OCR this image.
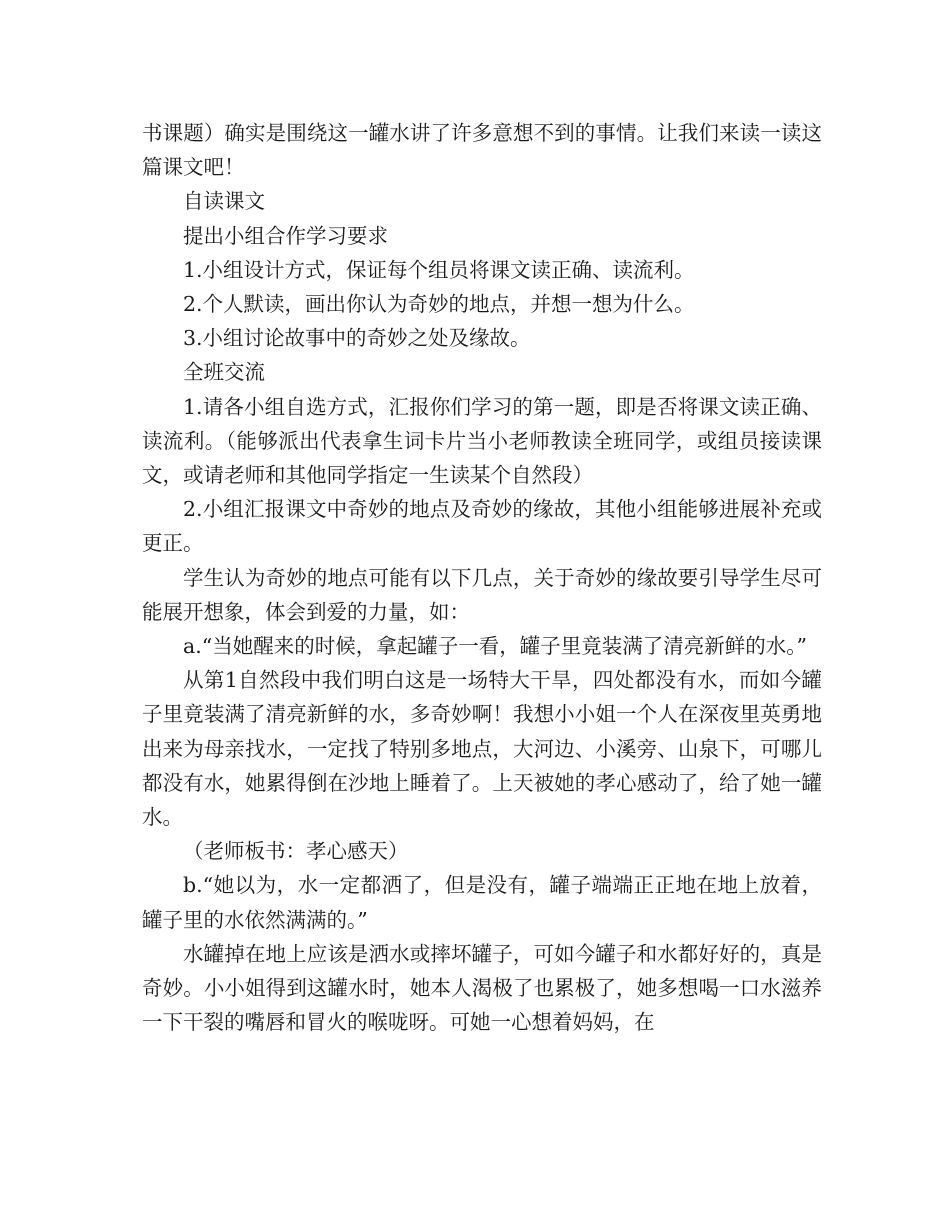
书课题）确实是围绕这一罐水讲了许多意想不到的事情。让我们来读一读这篇课文吧！

自读课文

提出小组合作学习要求

1.小组设计方式，保证每个组员将课文读正确、读流利。

2.个人默读，画出你认为奇妙的地点，并想一想为什么。

3.小组讨论故事中的奇妙之处及缘故。

全班交流

1.请各小组自选方式，汇报你们学习的第一题，即是否将课文读正确、读流利。（能够派出代表拿生词卡片当小老师教读全班同学，或组员接读课文，或请老师和其他同学指定一生读某个自然段）

2.小组汇报课文中奇妙的地点及奇妙的缘故，其他小组能够进展补充或更正。

学生认为奇妙的地点可能有以下几点，关于奇妙的缘故要引导学生尽可能展开想象，体会到爱的力量，如：

a.“当她醒来的时候，拿起罐子一看，罐子里竟装满了清亮新鲜的水。”

从第1自然段中我们明白这是一场特大干旱，四处都没有水，而如今罐子里竟装满了清亮新鲜的水，多奇妙啊！我想小小姐一个人在深夜里英勇地出来为母亲找水，一定找了特别多地点，大河边、小溪旁、山泉下，可哪儿都没有水，她累得倒在沙地上睡着了。上天被她的孝心感动了，给了她一罐水。

（老师板书：孝心感天）

b.“她以为，水一定都洒了，但是没有，罐子端端正正地在地上放着，罐子里的水依然满满的。”

水罐掉在地上应该是洒水或摔坏罐子，可如今罐子和水都好好的，真是奇妙。小小姐得到这罐水时，她本人渴极了也累极了，她多想喝一口水滋养一下干裂的嘴唇和冒火的喉咙呀。可她一心想着妈妈，在
